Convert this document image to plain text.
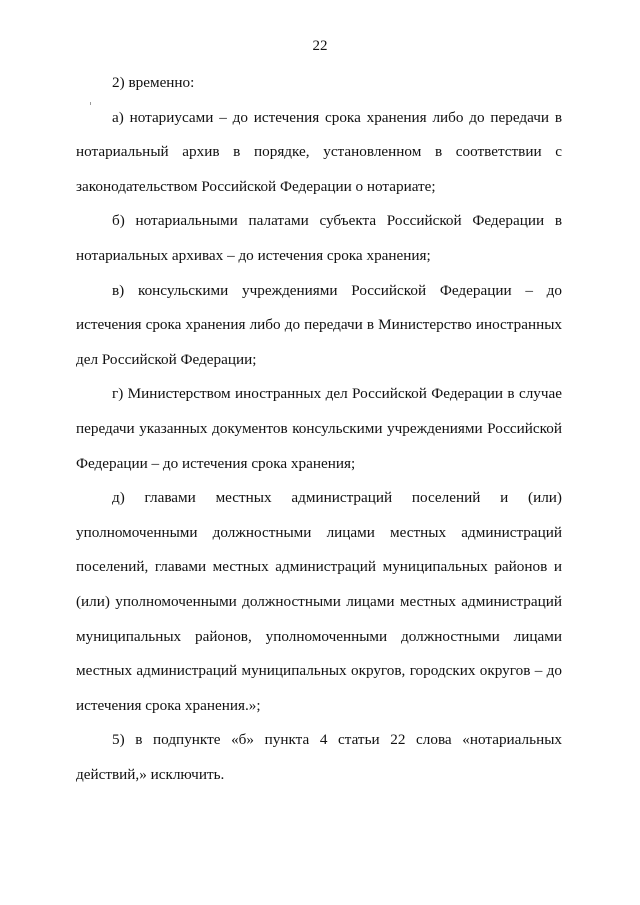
22

2) временно:

а) нотариусами – до истечения срока хранения либо до передачи в нотариальный архив в порядке, установленном в соответствии с законодательством Российской Федерации о нотариате;

б) нотариальными палатами субъекта Российской Федерации в нотариальных архивах – до истечения срока хранения;

в) консульскими учреждениями Российской Федерации – до истечения срока хранения либо до передачи в Министерство иностранных дел Российской Федерации;

г) Министерством иностранных дел Российской Федерации в случае передачи указанных документов консульскими учреждениями Российской Федерации – до истечения срока хранения;

д) главами местных администраций поселений и (или) уполномоченными должностными лицами местных администраций поселений, главами местных администраций муниципальных районов и (или) уполномоченными должностными лицами местных администраций муниципальных районов, уполномоченными должностными лицами местных администраций муниципальных округов, городских округов – до истечения срока хранения.»;

5) в подпункте «б» пункта 4 статьи 22 слова «нотариальных действий,» исключить.
